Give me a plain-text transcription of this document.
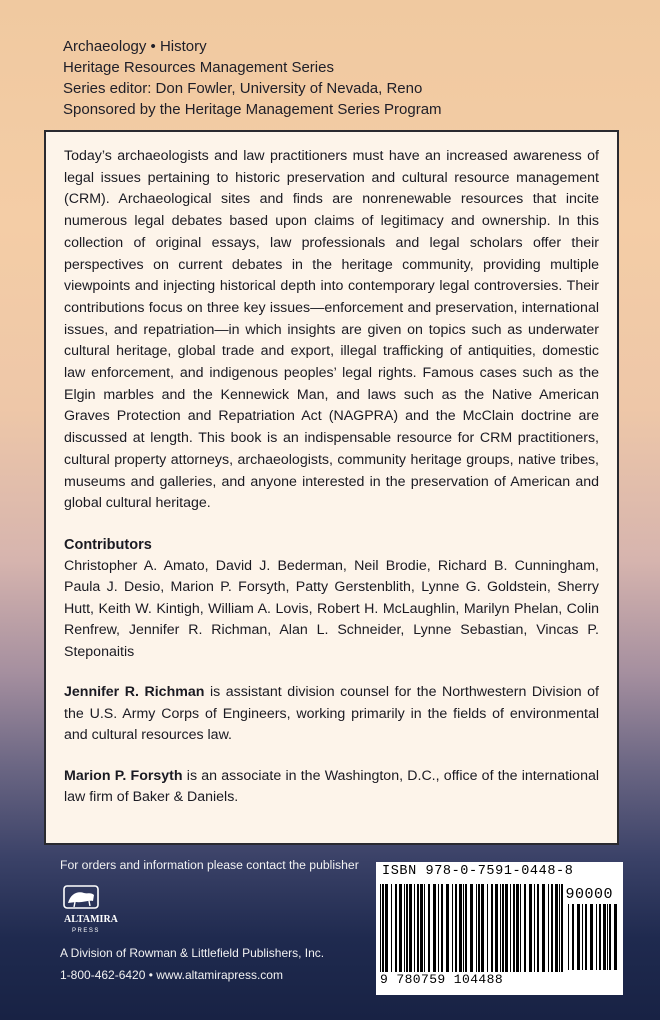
Archaeology • History
Heritage Resources Management Series
Series editor: Don Fowler, University of Nevada, Reno
Sponsored by the Heritage Management Series Program

Today’s archaeologists and law practitioners must have an increased awareness of legal issues pertaining to historic preservation and cultural resource management (CRM). Archaeological sites and finds are nonrenewable resources that incite numerous legal debates based upon claims of legitimacy and ownership. In this collection of original essays, law professionals and legal scholars offer their perspectives on current debates in the heritage community, providing multiple viewpoints and injecting historical depth into contemporary legal controversies. Their contributions focus on three key issues—enforcement and preservation, international issues, and repatriation—in which insights are given on topics such as underwater cultural heritage, global trade and export, illegal trafficking of antiquities, domestic law enforcement, and indigenous peoples’ legal rights. Famous cases such as the Elgin marbles and the Kennewick Man, and laws such as the Native American Graves Protection and Repatriation Act (NAGPRA) and the McClain doctrine are discussed at length. This book is an indispensable resource for CRM practitioners, cultural property attorneys, archaeologists, community heritage groups, native tribes, museums and galleries, and anyone interested in the preservation of American and global cultural heritage.

Contributors

Christopher A. Amato, David J. Bederman, Neil Brodie, Richard B. Cunningham, Paula J. Desio, Marion P. Forsyth, Patty Gerstenblith, Lynne G. Goldstein, Sherry Hutt, Keith W. Kintigh, William A. Lovis, Robert H. McLaughlin, Marilyn Phelan, Colin Renfrew, Jennifer R. Richman, Alan L. Schneider, Lynne Sebastian, Vincas P. Steponaitis

Jennifer R. Richman is assistant division counsel for the Northwestern Division of the U.S. Army Corps of Engineers, working primarily in the fields of environmental and cultural resources law.

Marion P. Forsyth is an associate in the Washington, D.C., office of the international law firm of Baker & Daniels.

For orders and information please contact the publisher
ALTAMIRA
PRESS
A Division of Rowman & Littlefield Publishers, Inc.
1-800-462-6420 • www.altamirapress.com
ISBN 978-0-7591-0448-8
90000
9 780759 104488
